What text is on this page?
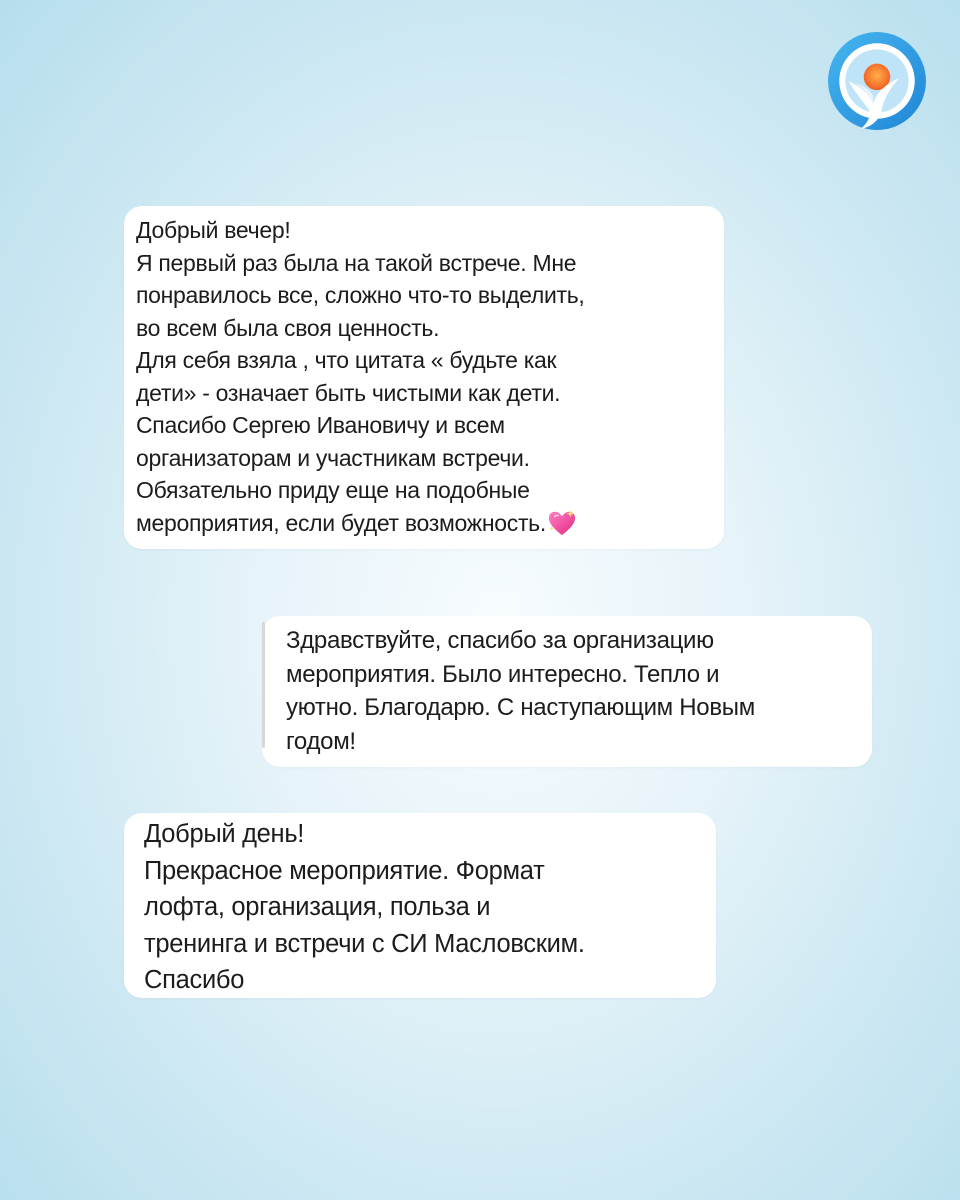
Добрый вечер!
Я первый раз была на такой встрече. Мне
понравилось все, сложно что-то выделить,
во всем была своя ценность.
Для себя взяла , что цитата « будьте как
дети» - означает быть чистыми как дети.
Спасибо Сергею Ивановичу и всем
организаторам и участникам встречи.
Обязательно приду еще на подобные
мероприятия, если будет возможность.
Здравствуйте, спасибо за организацию
мероприятия. Было интересно. Тепло и
уютно. Благодарю. С наступающим Новым
годом!
Добрый день!
Прекрасное мероприятие. Формат
лофта, организация, польза и
тренинга и встречи с СИ Масловским.
Спасибо
